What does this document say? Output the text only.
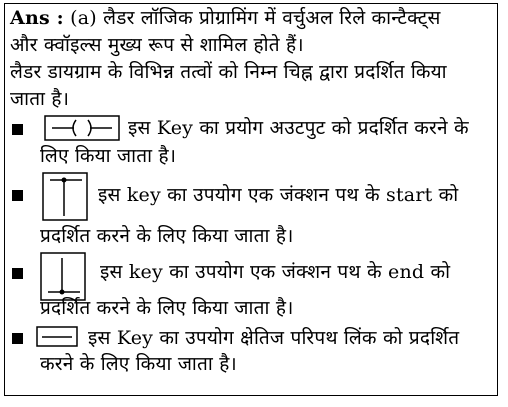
Ans : (a) लैडर लॉजिक प्रोग्रामिंग में वर्चुअल रिले कान्टैक्ट्स
और क्वॉइल्स मुख्य रूप से शामिल होते हैं।
लैडर डायग्राम के विभिन्न तत्वों को निम्न चिह्न द्वारा प्रदर्शित किया
जाता है।
इस Key का प्रयोग अउटपुट को प्रदर्शित करने के
लिए किया जाता है।
इस key का उपयोग एक जंक्शन पथ के start को
प्रदर्शित करने के लिए किया जाता है।
इस key का उपयोग एक जंक्शन पथ के end को
प्रदर्शित करने के लिए किया जाता है।
इस Key का उपयोग क्षेतिज परिपथ लिंक को प्रदर्शित
करने के लिए किया जाता है।
